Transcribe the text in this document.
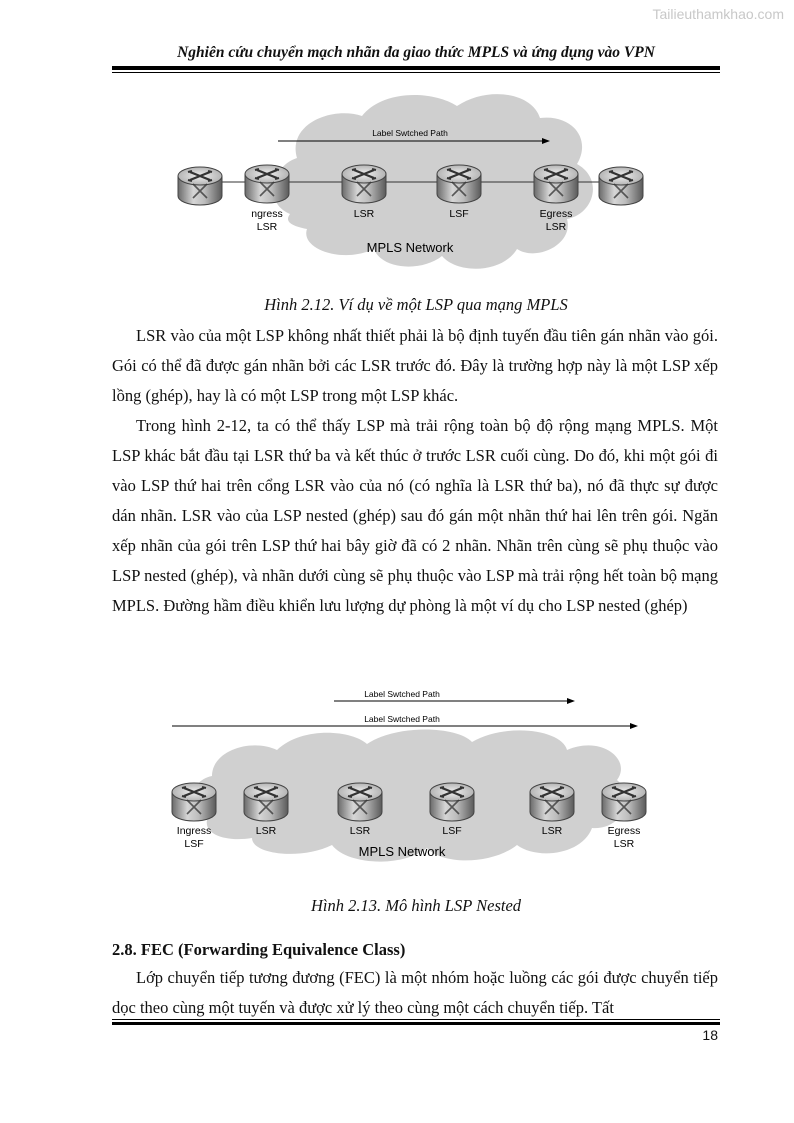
Tailieuthamkhao.com
Nghiên cứu chuyển mạch nhãn đa giao thức MPLS và ứng dụng vào VPN
Label Swtched Path
ngress
LSR
LSR	LSF	Egress
LSR
MPLS Network
Hình 2.12. Ví dụ về một LSP qua mạng MPLS

LSR vào của một LSP không nhất thiết phải là bộ định tuyến đầu tiên gán nhãn vào gói. Gói có thể đã được gán nhãn bởi các LSR trước đó. Đây là trường hợp này là một LSP xếp lồng (ghép), hay là có một LSP trong một LSP khác.

Trong hình 2-12, ta có thể thấy LSP mà trải rộng toàn bộ độ rộng mạng MPLS. Một LSP khác bắt đầu tại LSR thứ ba và kết thúc ở trước LSR cuối cùng. Do đó, khi một gói đi vào LSP thứ hai trên cổng LSR vào của nó (có nghĩa là LSR thứ ba), nó đã thực sự được dán nhãn. LSR vào của LSP nested (ghép) sau đó gán một nhãn thứ hai lên trên gói. Ngăn xếp nhãn của gói trên LSP thứ hai bây giờ đã có 2 nhãn. Nhãn trên cùng sẽ phụ thuộc vào LSP nested (ghép), và nhãn dưới cùng sẽ phụ thuộc vào LSP mà trải rộng hết toàn bộ mạng MPLS. Đường hầm điều khiển lưu lượng dự phòng là một ví dụ cho LSP nested (ghép)

Label Swtched Path
Label Swtched Path
Ingress
LSF
LSR	LSR	LSF	LSR	Egress
LSR
MPLS Network
Hình 2.13. Mô hình LSP Nested
2.8. FEC (Forwarding Equivalence Class)

Lớp chuyển tiếp tương đương (FEC) là một nhóm hoặc luồng các gói được chuyển tiếp dọc theo cùng một tuyến và được xử lý theo cùng một cách chuyển tiếp. Tất

18
